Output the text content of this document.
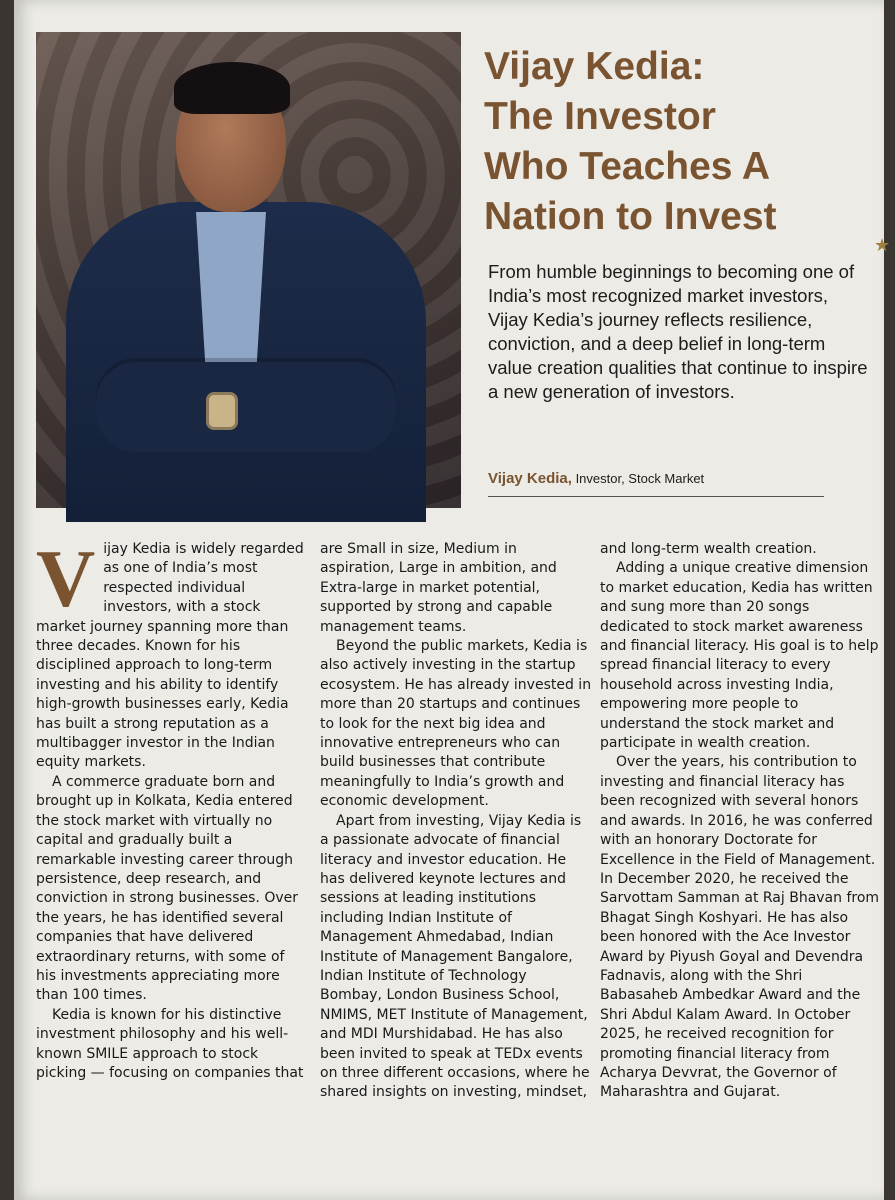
Vijay Kedia:
The Investor
Who Teaches A
Nation to Invest
★

From humble beginnings to becoming one of India’s most recognized market investors, Vijay Kedia’s journey reflects resilience, conviction, and a deep belief in long-term value creation qualities that continue to inspire a new generation of investors.

Vijay Kedia, Investor, Stock Market

Vijay Kedia is widely regarded as one of India’s most respected individual investors, with a stock market journey spanning more than three decades. Known for his disciplined approach to long-term investing and his ability to identify high-growth businesses early, Kedia has built a strong reputation as a multibagger investor in the Indian equity markets.

A commerce graduate born and brought up in Kolkata, Kedia entered the stock market with virtually no capital and gradually built a remarkable investing career through persistence, deep research, and conviction in strong businesses. Over the years, he has identified several companies that have delivered extraordinary returns, with some of his investments appreciating more than 100 times.

Kedia is known for his distinctive investment philosophy and his well-known SMILE approach to stock picking — focusing on companies that

are Small in size, Medium in aspiration, Large in ambition, and Extra-large in market potential, supported by strong and capable management teams.

Beyond the public markets, Kedia is also actively investing in the startup ecosystem. He has already invested in more than 20 startups and continues to look for the next big idea and innovative entrepreneurs who can build businesses that contribute meaningfully to India’s growth and economic development.

Apart from investing, Vijay Kedia is a passionate advocate of financial literacy and investor education. He has delivered keynote lectures and sessions at leading institutions including Indian Institute of Management Ahmedabad, Indian Institute of Management Bangalore, Indian Institute of Technology Bombay, London Business School, NMIMS, MET Institute of Management, and MDI Murshidabad. He has also been invited to speak at TEDx events on three different occasions, where he shared insights on investing, mindset,

and long-term wealth creation.

Adding a unique creative dimension to market education, Kedia has written and sung more than 20 songs dedicated to stock market awareness and financial literacy. His goal is to help spread financial literacy to every household across investing India, empowering more people to understand the stock market and participate in wealth creation.

Over the years, his contribution to investing and financial literacy has been recognized with several honors and awards. In 2016, he was conferred with an honorary Doctorate for Excellence in the Field of Management. In December 2020, he received the Sarvottam Samman at Raj Bhavan from Bhagat Singh Koshyari. He has also been honored with the Ace Investor Award by Piyush Goyal and Devendra Fadnavis, along with the Shri Babasaheb Ambedkar Award and the Shri Abdul Kalam Award. In October 2025, he received recognition for promoting financial literacy from Acharya Devvrat, the Governor of Maharashtra and Gujarat.
